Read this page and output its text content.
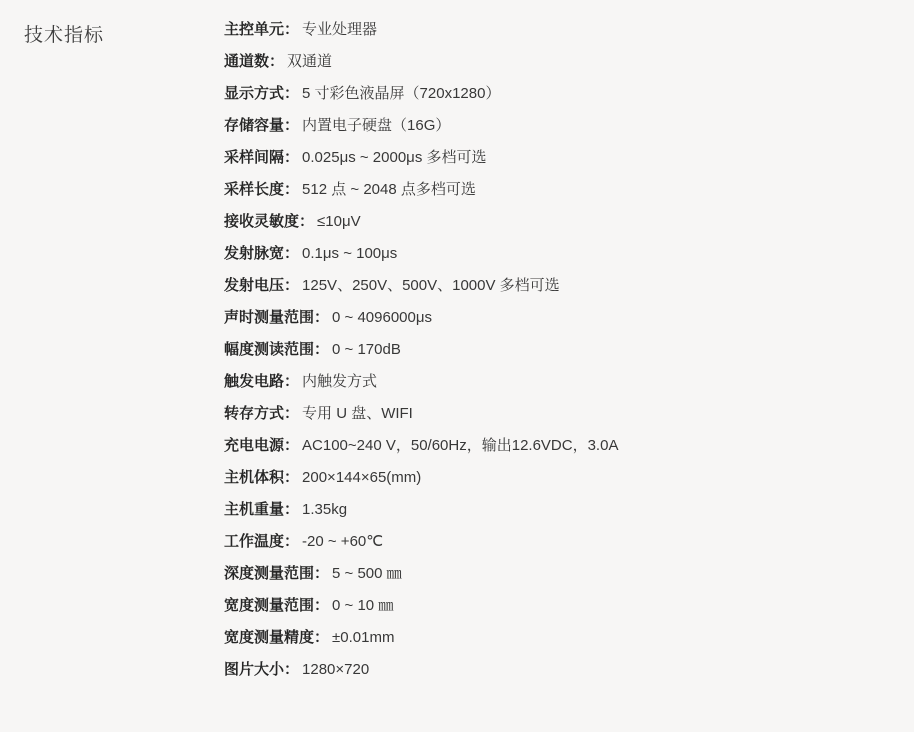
技术指标	主控单元： 专业处理器
通道数： 双通道
显示方式： 5 寸彩色液晶屏（720x1280）
存储容量： 内置电子硬盘（16G）
采样间隔： 0.025μs ~ 2000μs 多档可选
采样长度： 512 点 ~ 2048 点多档可选
接收灵敏度： ≤10μV
发射脉宽： 0.1μs ~ 100μs
发射电压： 125V、250V、500V、1000V 多档可选
声时测量范围： 0 ~ 4096000μs
幅度测读范围： 0 ~ 170dB
触发电路： 内触发方式
转存方式： 专用 U 盘、WIFI
充电电源： AC100~240 V，50/60Hz，输出12.6VDC，3.0A
主机体积： 200×144×65(mm)
主机重量： 1.35kg
工作温度： -20 ~ +60℃
深度测量范围： 5 ~ 500 ㎜
宽度测量范围： 0 ~ 10 ㎜
宽度测量精度： ±0.01mm
图片大小： 1280×720
